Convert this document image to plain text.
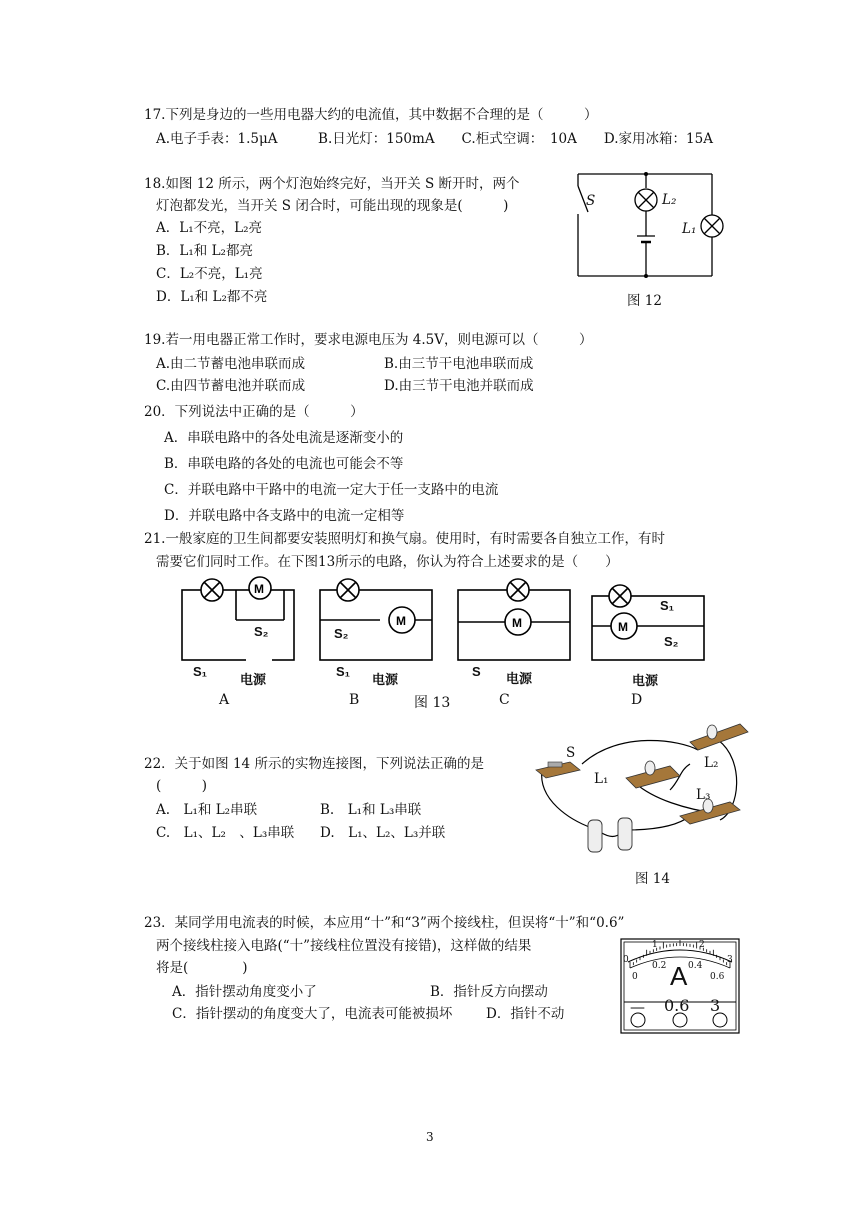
17.下列是身边的一些用电器大约的电流值，其中数据不合理的是（　　　）
A.电子手表：1.5μA　　　B.日光灯：150mA　　C.柜式空调：　10A　　D.家用冰箱：15A
18.如图 12 所示，两个灯泡始终完好，当开关 S 断开时，两个
灯泡都发光，当开关 S 闭合时，可能出现的现象是(　　　)
A．L₁不亮，L₂亮
B．L₁和 L₂都亮
C．L₂不亮，L₁亮
D．L₁和 L₂都不亮
S	L₂
L₁
图 12
19.若一用电器正常工作时，要求电源电压为 4.5V，则电源可以（　　　）
A.由二节蓄电池串联而成	B.由三节干电池串联而成
C.由四节蓄电池并联而成	D.由三节干电池并联而成
20．下列说法中正确的是（　　　）
A．串联电路中的各处电流是逐渐变小的
B．串联电路的各处的电流也可能会不等
C．并联电路中干路中的电流一定大于任一支路中的电流
D．并联电路中各支路中的电流一定相等
21.一般家庭的卫生间都要安装照明灯和换气扇。使用时，有时需要各自独立工作，有时
需要它们同时工作。在下图13所示的电路，你认为符合上述要求的是（　　）
M
S₂
S₁
电源
M
S₂
S₁
电源
M
S 电源
M
S₁
S₂
电源
A	B	图 13	C	D
22．关于如图 14 所示的实物连接图，下列说法正确的是
(　　　)
A.　L₁和 L₂串联	B.　L₁和 L₃串联
C.　L₁、L₂　、L₃串联 D.　L₁、L₂、L₃并联
S
L₁
L₂
L₃
图 14
23．某同学用电流表的时候，本应用“十”和“3”两个接线柱，但误将“十”和“0.6”
两个接线柱接入电路(“十”接线柱位置没有接错)，这样做的结果
将是(　　　　)
A．指针摆动角度变小了	B．指针反方向摆动
C．指针摆动的角度变大了，电流表可能被损坏 D．指针不动
0
1	2
3
0
0.2 0.4
0.6
A
— 0.6 3
3
